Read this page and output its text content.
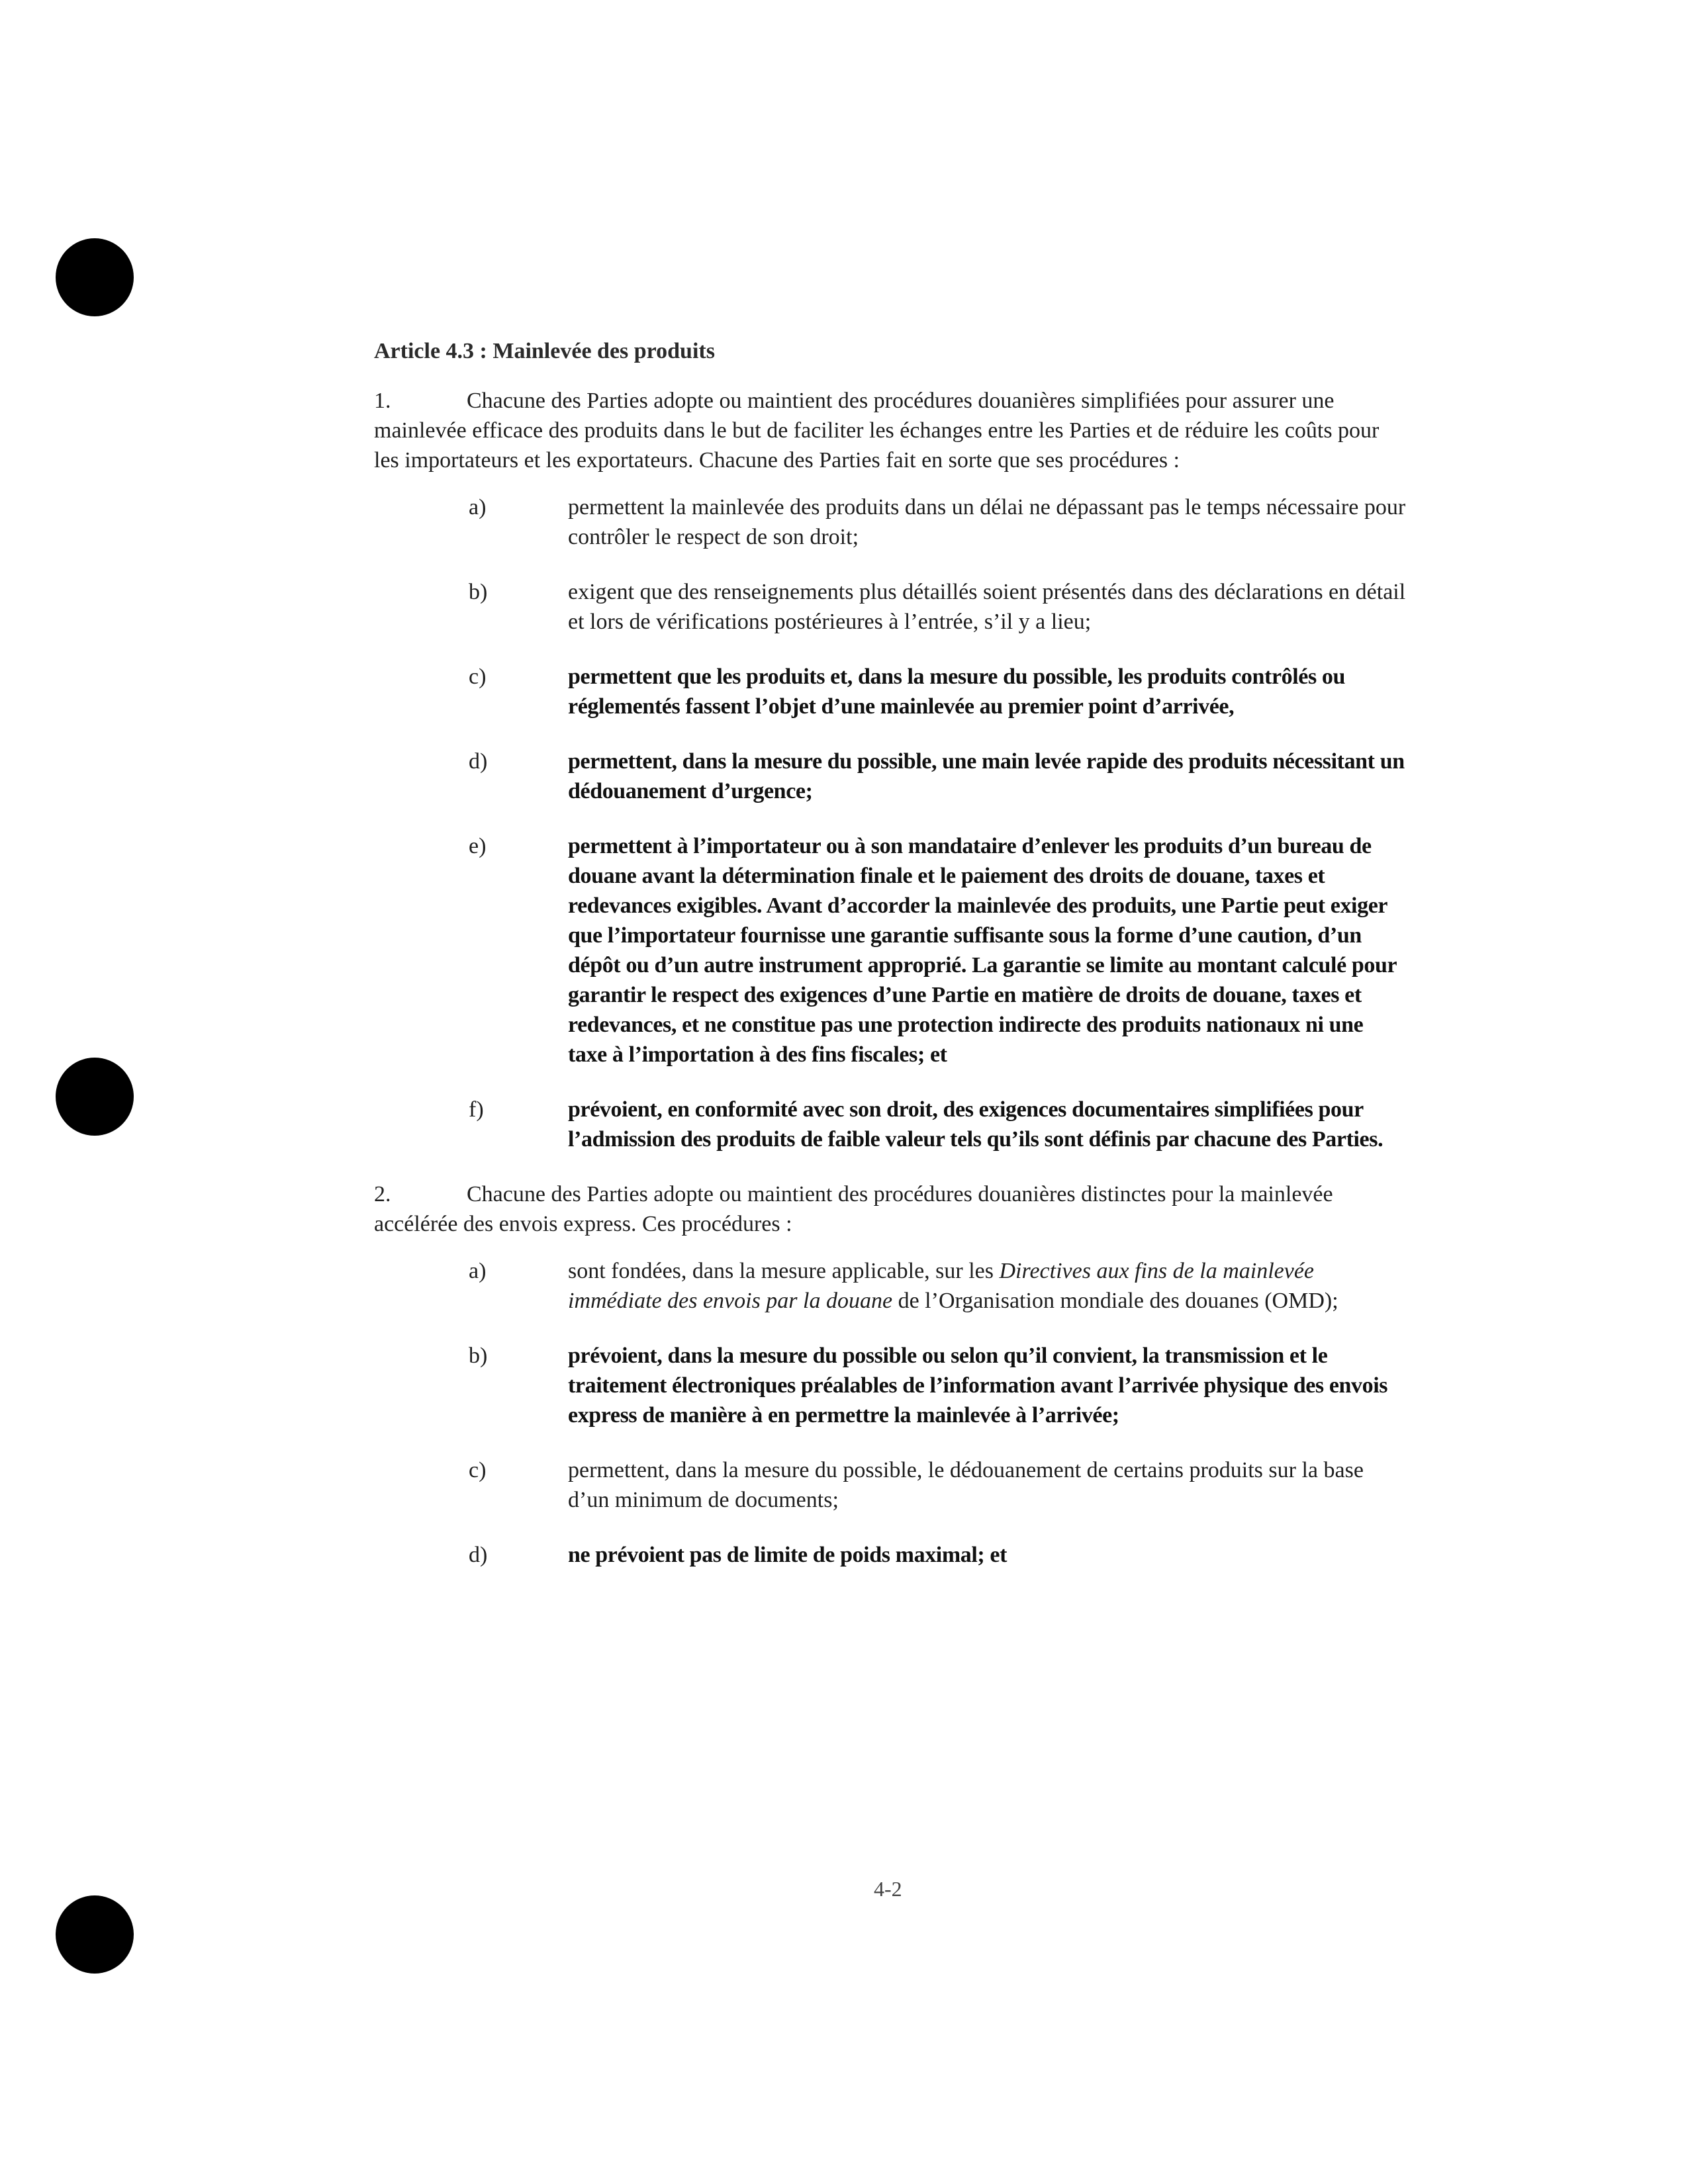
Article 4.3 : Mainlevée des produits
1.	Chacune des Parties adopte ou maintient des procédures douanières simplifiées pour assurer une mainlevée efficace des produits dans le but de faciliter les échanges entre les Parties et de réduire les coûts pour les importateurs et les exportateurs. Chacune des Parties fait en sorte que ses procédures :
a)	permettent la mainlevée des produits dans un délai ne dépassant pas le temps nécessaire pour contrôler le respect de son droit;
b)	exigent que des renseignements plus détaillés soient présentés dans des déclarations en détail et lors de vérifications postérieures à l’entrée, s’il y a lieu;
c)	permettent que les produits et, dans la mesure du possible, les produits contrôlés ou réglementés fassent l’objet d’une mainlevée au premier point d’arrivée,
d)	permettent, dans la mesure du possible, une main levée rapide des produits nécessitant un dédouanement d’urgence;
e)	permettent à l’importateur ou à son mandataire d’enlever les produits d’un bureau de douane avant la détermination finale et le paiement des droits de douane, taxes et redevances exigibles. Avant d’accorder la mainlevée des produits, une Partie peut exiger que l’importateur fournisse une garantie suffisante sous la forme d’une caution, d’un dépôt ou d’un autre instrument approprié. La garantie se limite au montant calculé pour garantir le respect des exigences d’une Partie en matière de droits de douane, taxes et redevances, et ne constitue pas une protection indirecte des produits nationaux ni une taxe à l’importation à des fins fiscales; et
f)	prévoient, en conformité avec son droit, des exigences documentaires simplifiées pour l’admission des produits de faible valeur tels qu’ils sont définis par chacune des Parties.
2.	Chacune des Parties adopte ou maintient des procédures douanières distinctes pour la mainlevée accélérée des envois express. Ces procédures :
a)	sont fondées, dans la mesure applicable, sur les Directives aux fins de la mainlevée immédiate des envois par la douane de l’Organisation mondiale des douanes (OMD);
b)	prévoient, dans la mesure du possible ou selon qu’il convient, la transmission et le traitement électroniques préalables de l’information avant l’arrivée physique des envois express de manière à en permettre la mainlevée à l’arrivée;
c)	permettent, dans la mesure du possible, le dédouanement de certains produits sur la base d’un minimum de documents;
d)	ne prévoient pas de limite de poids maximal; et
4-2
